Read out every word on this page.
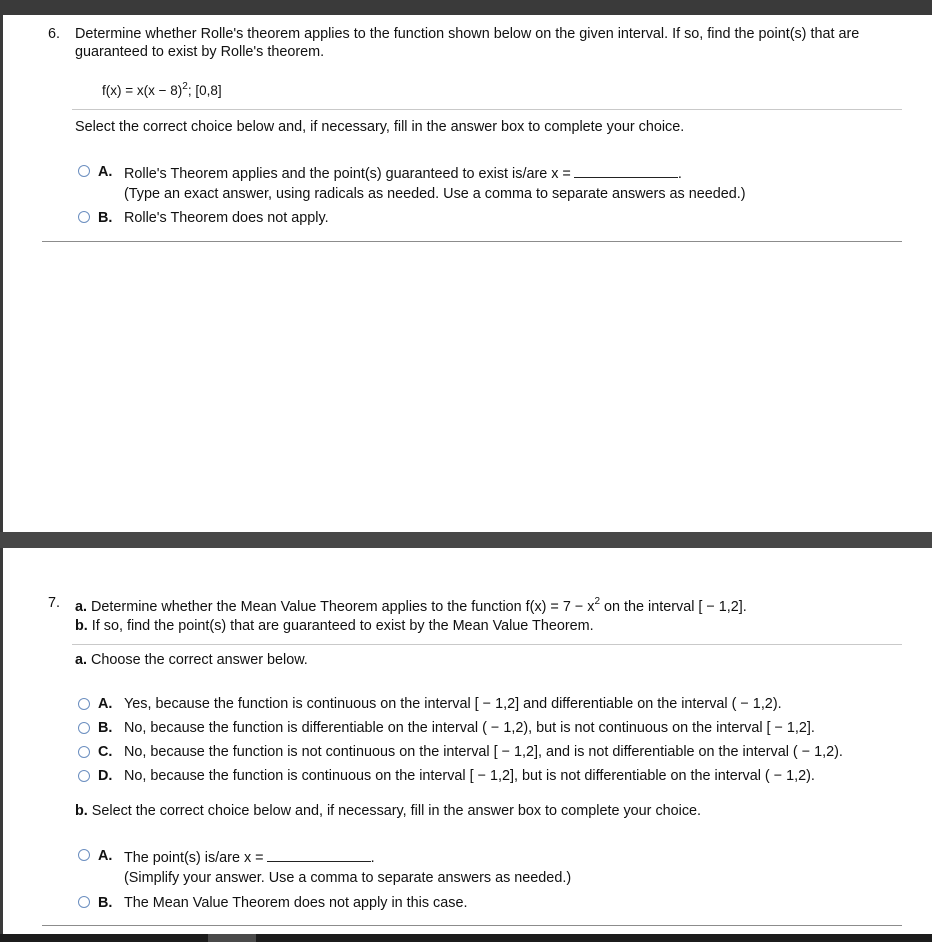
6. Determine whether Rolle's theorem applies to the function shown below on the given interval. If so, find the point(s) that are
guaranteed to exist by Rolle's theorem.
$f(x) = x(x - 8)^2$; [0,8]
Select the correct choice below and, if necessary, fill in the answer box to complete your choice.
A. Rolle's Theorem applies and the point(s) guaranteed to exist is/are x =	.
(Type an exact answer, using radicals as needed. Use a comma to separate answers as needed.)
B. Rolle's Theorem does not apply.
7. a. Determine whether the Mean Value Theorem applies to the function $f(x) = 7 - x^2$ on the interval [ − 1,2].
b. If so, find the point(s) that are guaranteed to exist by the Mean Value Theorem.
a. Choose the correct answer below.
A. Yes, because the function is continuous on the interval [ − 1,2] and differentiable on the interval ( − 1,2).
B. No, because the function is differentiable on the interval ( − 1,2), but is not continuous on the interval [ − 1,2].
C. No, because the function is not continuous on the interval [ − 1,2], and is not differentiable on the interval ( − 1,2).
D. No, because the function is continuous on the interval [ − 1,2], but is not differentiable on the interval ( − 1,2).
b. Select the correct choice below and, if necessary, fill in the answer box to complete your choice.
A. The point(s) is/are x =	.
(Simplify your answer. Use a comma to separate answers as needed.)
B. The Mean Value Theorem does not apply in this case.
